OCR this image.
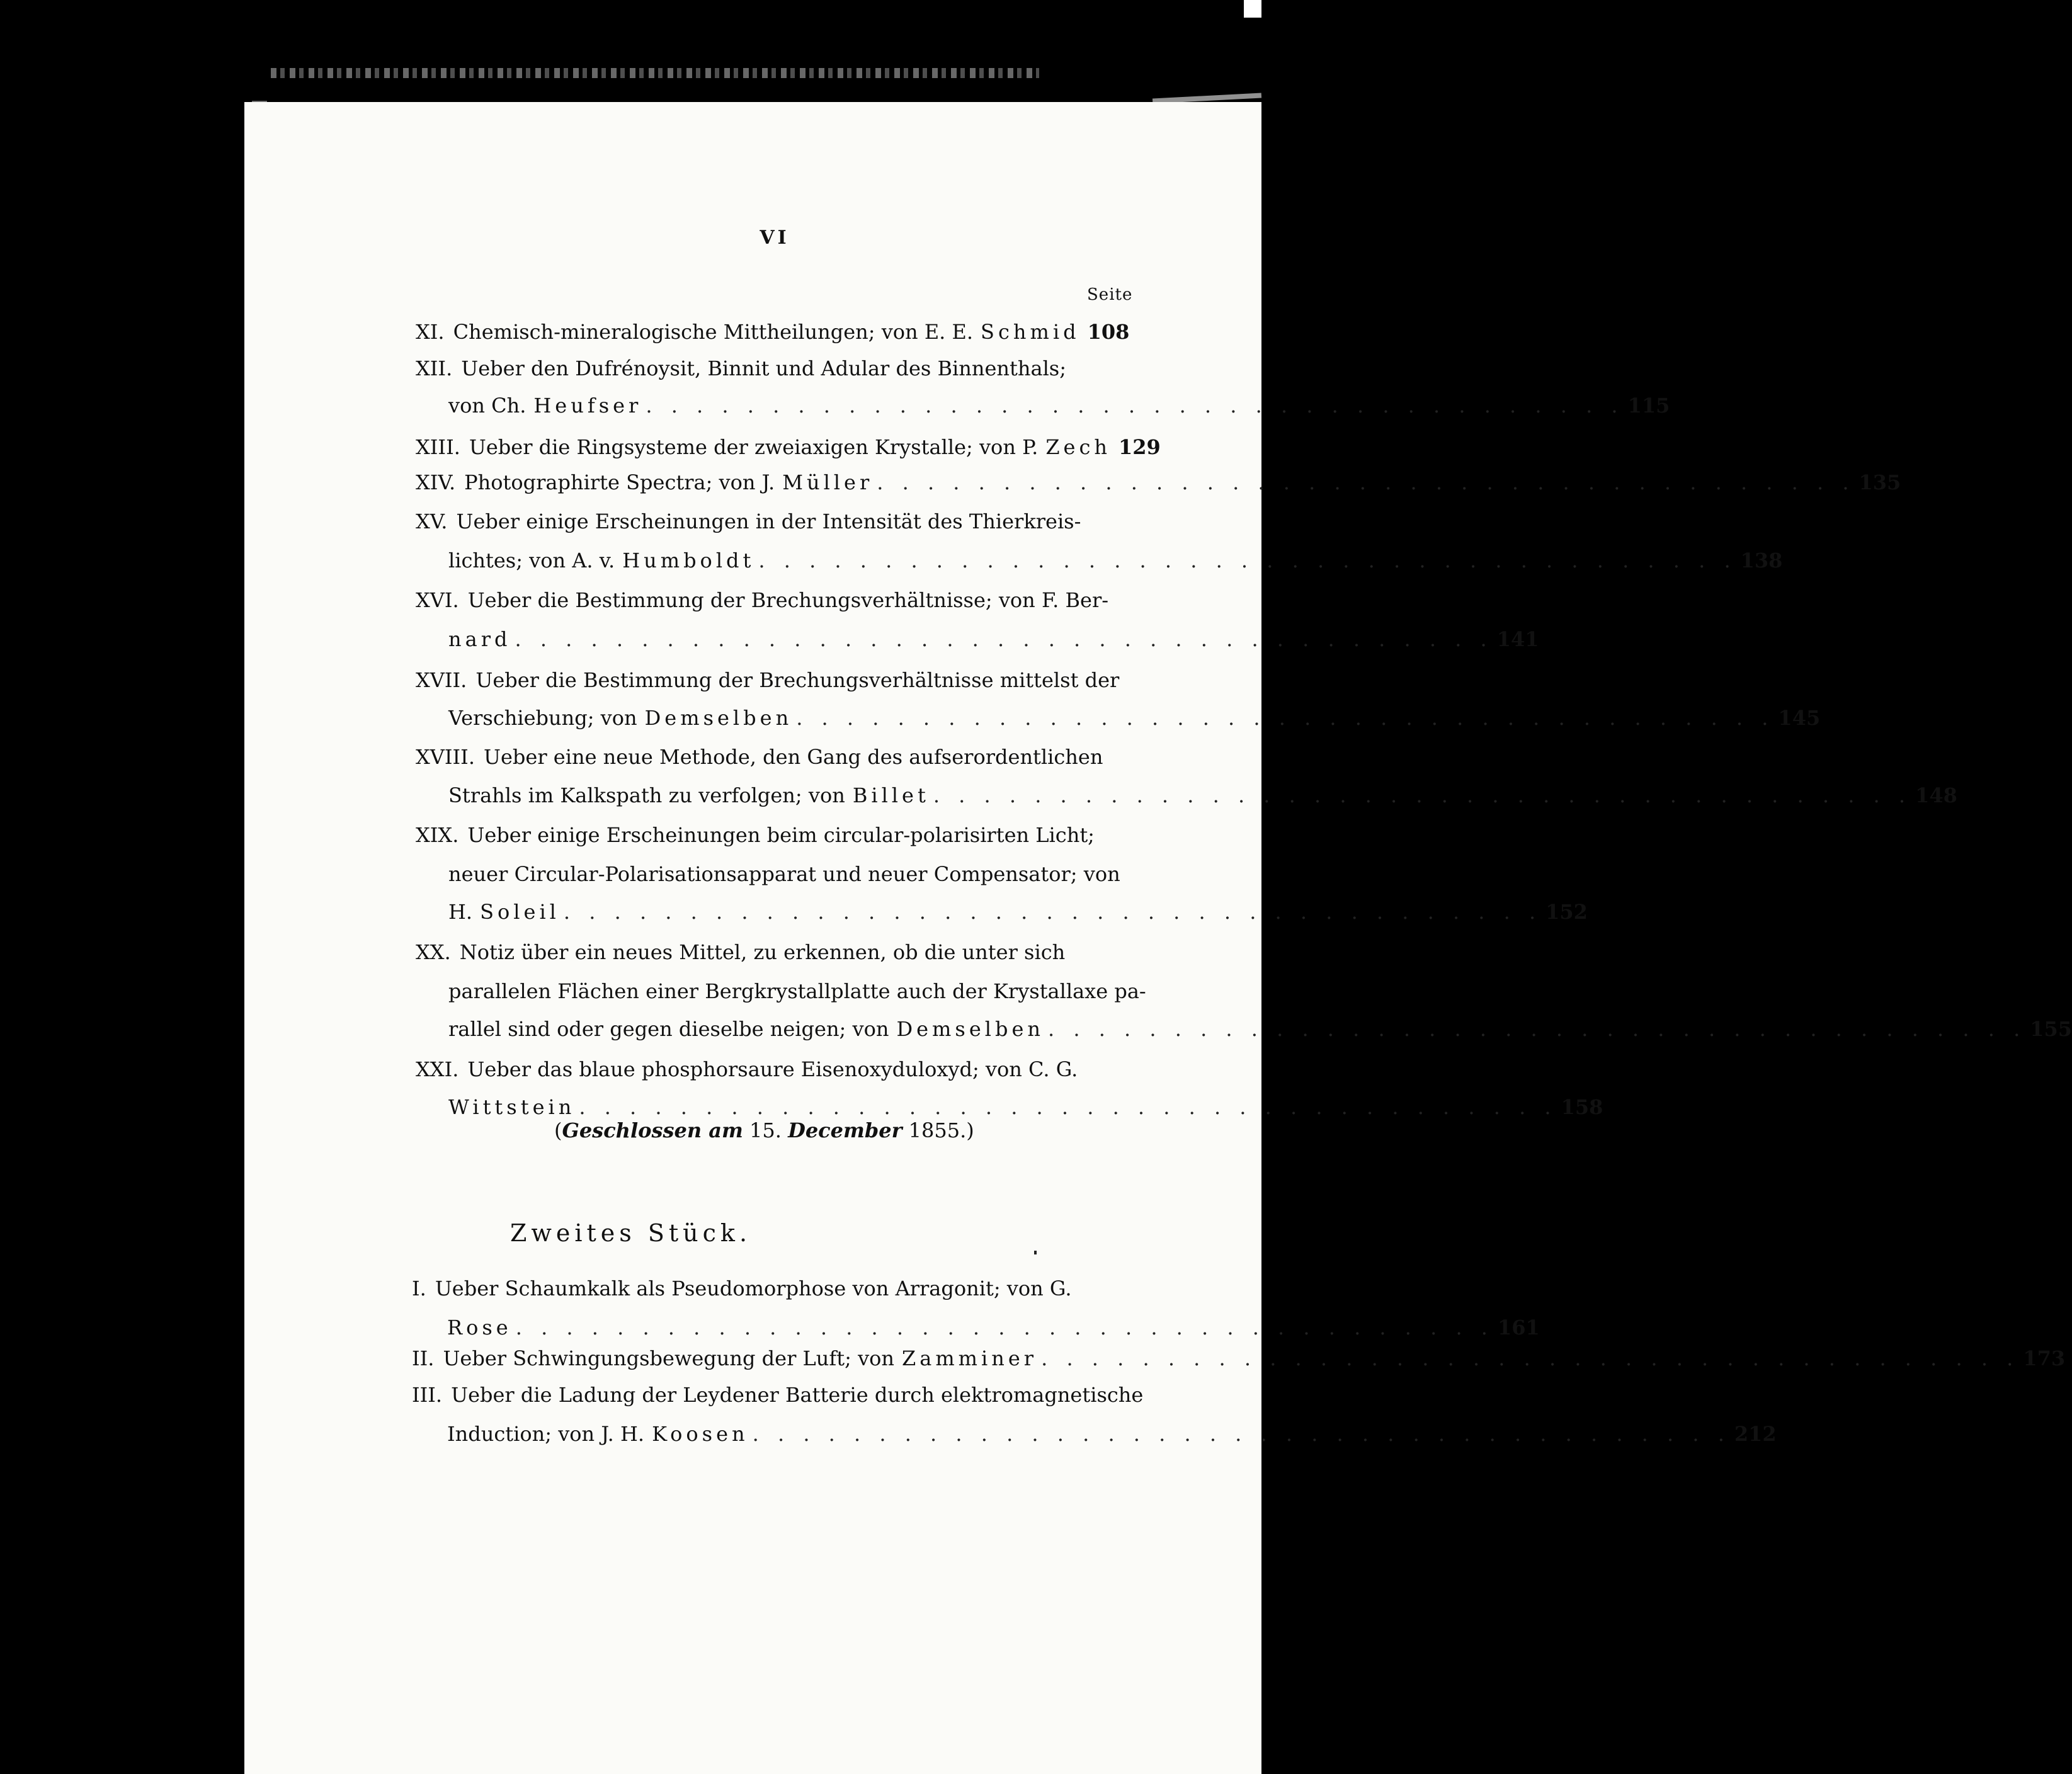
VI
Seite
XI. Chemisch-mineralogische Mittheilungen; von E. E. Schmid 108
XII. Ueber den Dufrénoysit, Binnit und Adular des Binnenthals;
von Ch. Heufser . . . . . . . . . . . . . . . . . . . . . . . . . . . . . . . . . . . . . . . 115
XIII. Ueber die Ringsysteme der zweiaxigen Krystalle; von P. Zech 129
XIV. Photographirte Spectra; von J. Müller . . . . . . . . . . . . . . . . . . . . . . . . . . . . . . . . . . . . . . . 135
XV. Ueber einige Erscheinungen in der Intensität des Thierkreis-
lichtes; von A. v. Humboldt . . . . . . . . . . . . . . . . . . . . . . . . . . . . . . . . . . . . . . . 138
XVI. Ueber die Bestimmung der Brechungsverhältnisse; von F. Ber-
nard . . . . . . . . . . . . . . . . . . . . . . . . . . . . . . . . . . . . . . . 141
XVII. Ueber die Bestimmung der Brechungsverhältnisse mittelst der
Verschiebung; von Demselben . . . . . . . . . . . . . . . . . . . . . . . . . . . . . . . . . . . . . . . 145
XVIII. Ueber eine neue Methode, den Gang des aufserordentlichen
Strahls im Kalkspath zu verfolgen; von Billet . . . . . . . . . . . . . . . . . . . . . . . . . . . . . . . . . . . . . . . 148
XIX. Ueber einige Erscheinungen beim circular-polarisirten Licht;
neuer Circular-Polarisationsapparat und neuer Compensator; von
H. Soleil . . . . . . . . . . . . . . . . . . . . . . . . . . . . . . . . . . . . . . . 152
XX. Notiz über ein neues Mittel, zu erkennen, ob die unter sich
parallelen Flächen einer Bergkrystallplatte auch der Krystallaxe pa-
rallel sind oder gegen dieselbe neigen; von Demselben . . . . . . . . . . . . . . . . . . . . . . . . . . . . . . . . . . . . . . . 155
XXI. Ueber das blaue phosphorsaure Eisenoxyduloxyd; von C. G.
Wittstein . . . . . . . . . . . . . . . . . . . . . . . . . . . . . . . . . . . . . . . 158
(Geschlossen am 15. December 1855.)
Zweites Stück.
I. Ueber Schaumkalk als Pseudomorphose von Arragonit; von G.
Rose . . . . . . . . . . . . . . . . . . . . . . . . . . . . . . . . . . . . . . . 161
II. Ueber Schwingungsbewegung der Luft; von Zamminer . . . . . . . . . . . . . . . . . . . . . . . . . . . . . . . . . . . . . . . 173
III. Ueber die Ladung der Leydener Batterie durch elektromagnetische
Induction; von J. H. Koosen . . . . . . . . . . . . . . . . . . . . . . . . . . . . . . . . . . . . . . . 212
